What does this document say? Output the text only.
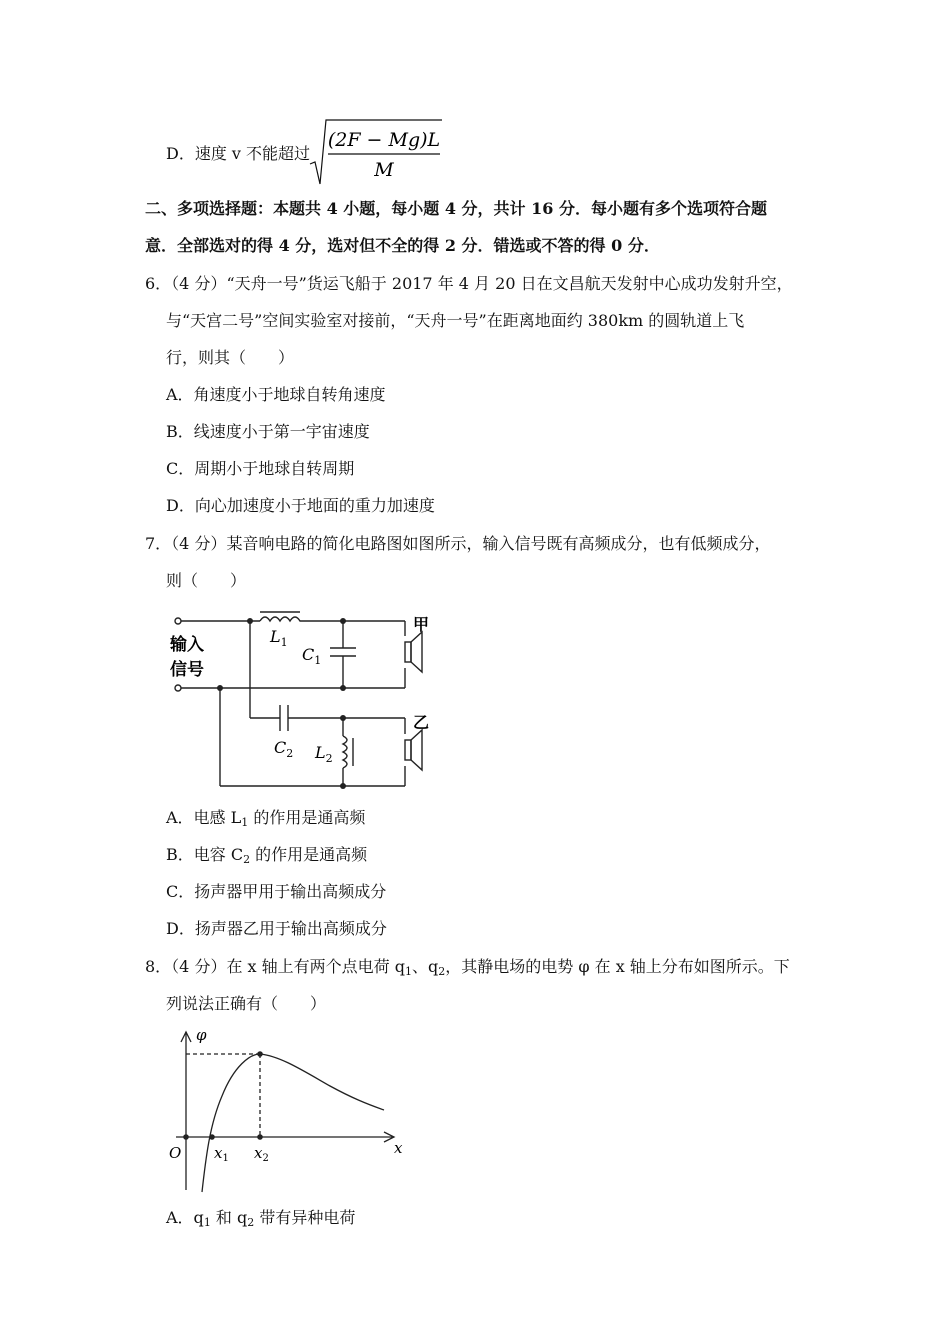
D．速度 v 不能超过
(2F − Mg)L
M
二、多项选择题：本题共 4 小题，每小题 4 分，共计 16 分．每小题有多个选项符合题
意．全部选对的得 4 分，选对但不全的得 2 分．错选或不答的得 0 分．
6．（4 分）“天舟一号”货运飞船于 2017 年 4 月 20 日在文昌航天发射中心成功发射升空，
与“天宫二号”空间实验室对接前，“天舟一号”在距离地面约 380km 的圆轨道上飞
行，则其（　　）
A．角速度小于地球自转角速度
B．线速度小于第一宇宙速度
C．周期小于地球自转周期
D．向心加速度小于地面的重力加速度
7．（4 分）某音响电路的简化电路图如图所示，输入信号既有高频成分，也有低频成分，
则（　　）
输入
信号
$L_1$
$C_1$
$C_2$ $L_2$
甲
乙
A．电感 $L_1$ 的作用是通高频
B．电容 $C_2$ 的作用是通高频
C．扬声器甲用于输出高频成分
D．扬声器乙用于输出高频成分
8．（4 分）在 x 轴上有两个点电荷 $q_1$、$q_2$，其静电场的电势 φ 在 x 轴上分布如图所示。下
列说法正确有（　　）
φ
x
O $x_1$ $x_2$
A．$q_1$ 和 $q_2$ 带有异种电荷
